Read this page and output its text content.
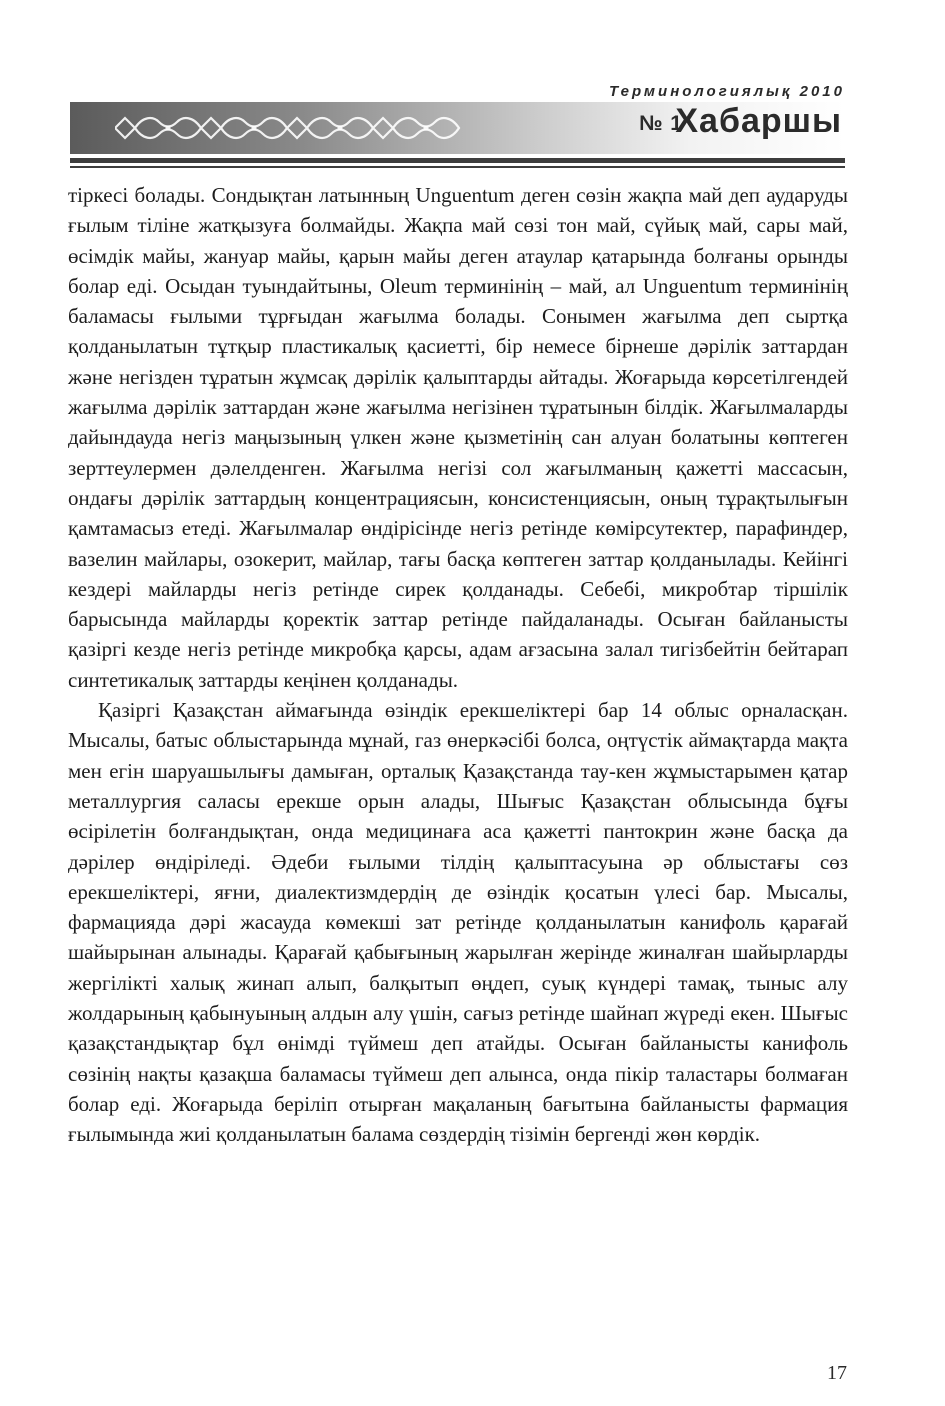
Терминологиялық 2010
№ 1
Хабаршы

тіркесі болады. Сондықтан латынның Unguentum деген сөзін жақпа май деп аударуды ғылым тіліне жатқызуға болмайды. Жақпа май сөзі тон май, сүйық май, сары май, өсімдік майы, жануар майы, қарын майы деген атаулар қатарында болғаны орынды болар еді. Осыдан туындайтыны, Oleum терминінің – май, ал Unguentum терминінің баламасы ғылыми тұрғыдан жағылма болады. Сонымен жағылма деп сыртқа қолданылатын тұтқыр пластикалық қасиетті, бір немесе бірнеше дәрілік заттардан және негізден тұратын жұмсақ дәрілік қалыптарды айтады. Жоғарыда көрсетілгендей жағылма дәрілік заттардан және жағылма негізінен тұратынын білдік. Жағылмаларды дайындауда негіз маңызының үлкен және қызметінің сан алуан болатыны көптеген зерттеулермен дәлелденген. Жағылма негізі сол жағылманың қажетті массасын, ондағы дәрілік заттардың концентрациясын, консистенциясын, оның тұрақтылығын қамтамасыз етеді. Жағылмалар өндірісінде негіз ретінде көмірсутектер, парафиндер, вазелин майлары, озокерит, майлар, тағы басқа көптеген заттар қолданылады. Кейінгі кездері майларды негіз ретінде сирек қолданады. Себебі, микробтар тіршілік барысында майларды қоректік заттар ретінде пайдаланады. Осыған байланысты қазіргі кезде негіз ретінде микробқа қарсы, адам ағзасына залал тигізбейтін бейтарап синтетикалық заттарды кеңінен қолданады.

Қазіргі Қазақстан аймағында өзіндік ерекшеліктері бар 14 облыс орналасқан. Мысалы, батыс облыстарында мұнай, газ өнеркәсібі болса, оңтүстік аймақтарда мақта мен егін шаруашылығы дамыған, орталық Қазақстанда тау-кен жұмыстарымен қатар металлургия саласы ерекше орын алады, Шығыс Қазақстан облысында бұғы өсірілетін болғандықтан, онда медицинаға аса қажетті пантокрин және басқа да дәрілер өндіріледі. Әдеби ғылыми тілдің қалыптасуына әр облыстағы сөз ерекшеліктері, яғни, диалектизмдердің де өзіндік қосатын үлесі бар. Мысалы, фармацияда дәрі жасауда көмекші зат ретінде қолданылатын канифоль қарағай шайырынан алынады. Қарағай қабығының жарылған жерінде жиналған шайырларды жергілікті халық жинап алып, балқытып өңдеп, суық күндері тамақ, тыныс алу жолдарының қабынуының алдын алу үшін, сағыз ретінде шайнап жүреді екен. Шығыс қазақстандықтар бұл өнімді түймеш деп атайды. Осыған байланысты канифоль сөзінің нақты қазақша баламасы түймеш деп алынса, онда пікір таластары болмаған болар еді. Жоғарыда беріліп отырған мақаланың бағытына байланысты фармация ғылымында жиі қолданылатын балама сөздердің тізімін бергенді жөн көрдік.

17
